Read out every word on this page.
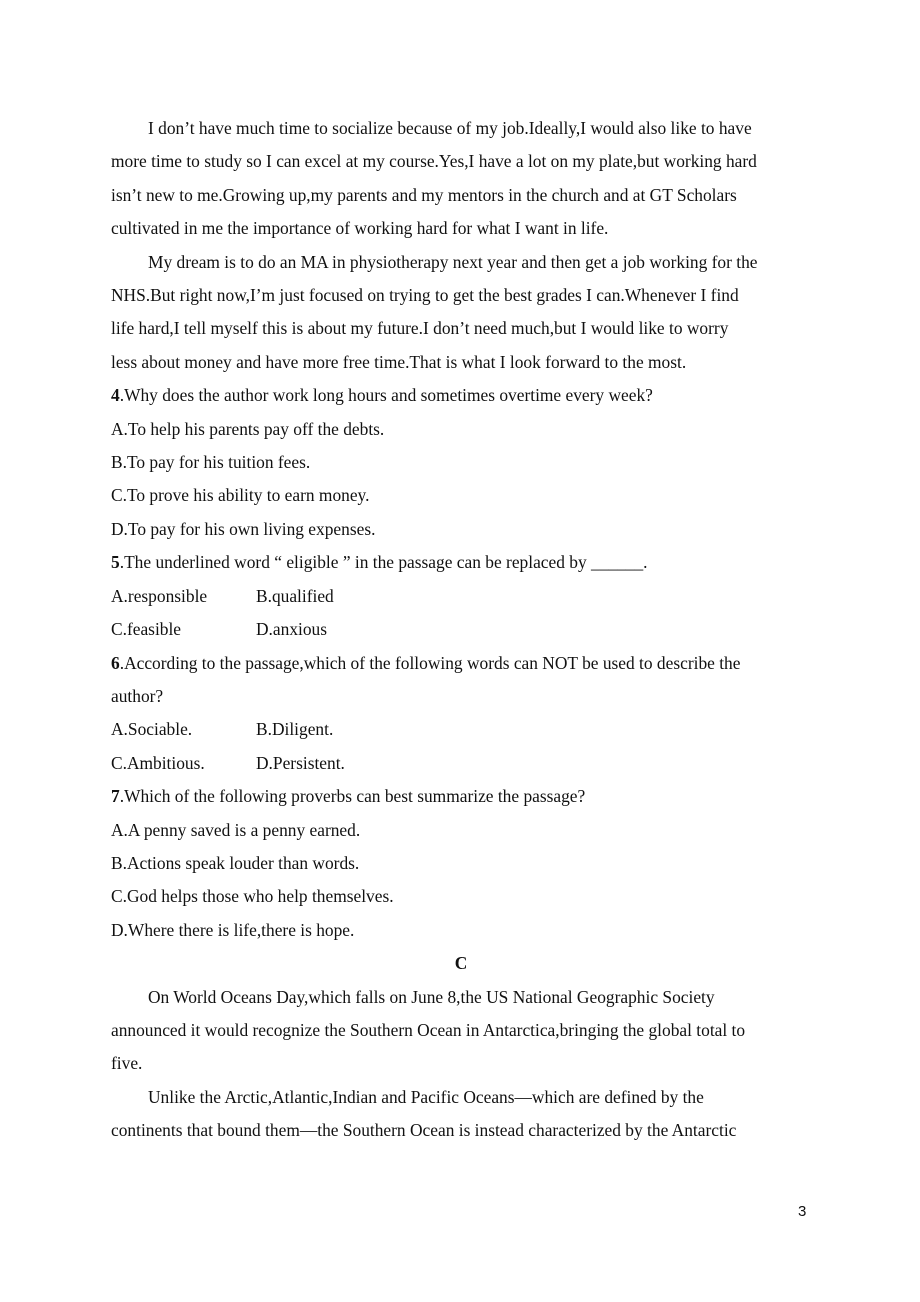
I don’t have much time to socialize because of my job.Ideally,I would also like to have
more time to study so I can excel at my course.Yes,I have a lot on my plate,but working hard
isn’t new to me.Growing up,my parents and my mentors in the church and at GT Scholars
cultivated in me the importance of working hard for what I want in life.
My dream is to do an MA in physiotherapy next year and then get a job working for the
NHS.But right now,I’m just focused on trying to get the best grades I can.Whenever I find
life hard,I tell myself this is about my future.I don’t need much,but I would like to worry
less about money and have more free time.That is what I look forward to the most.
4.Why does the author work long hours and sometimes overtime every week?
A.To help his parents pay off the debts.
B.To pay for his tuition fees.
C.To prove his ability to earn money.
D.To pay for his own living expenses.
5.The underlined word “ eligible ” in the passage can be replaced by ______.
A.responsible	B.qualified
C.feasible	D.anxious
6.According to the passage,which of the following words can NOT be used to describe the
author?
A.Sociable.	B.Diligent.
C.Ambitious.	D.Persistent.
7.Which of the following proverbs can best summarize the passage?
A.A penny saved is a penny earned.
B.Actions speak louder than words.
C.God helps those who help themselves.
D.Where there is life,there is hope.
C
On World Oceans Day,which falls on June 8,the US National Geographic Society
announced it would recognize the Southern Ocean in Antarctica,bringing the global total to
five.
Unlike the Arctic,Atlantic,Indian and Pacific Oceans—which are defined by the
continents that bound them—the Southern Ocean is instead characterized by the Antarctic
3
